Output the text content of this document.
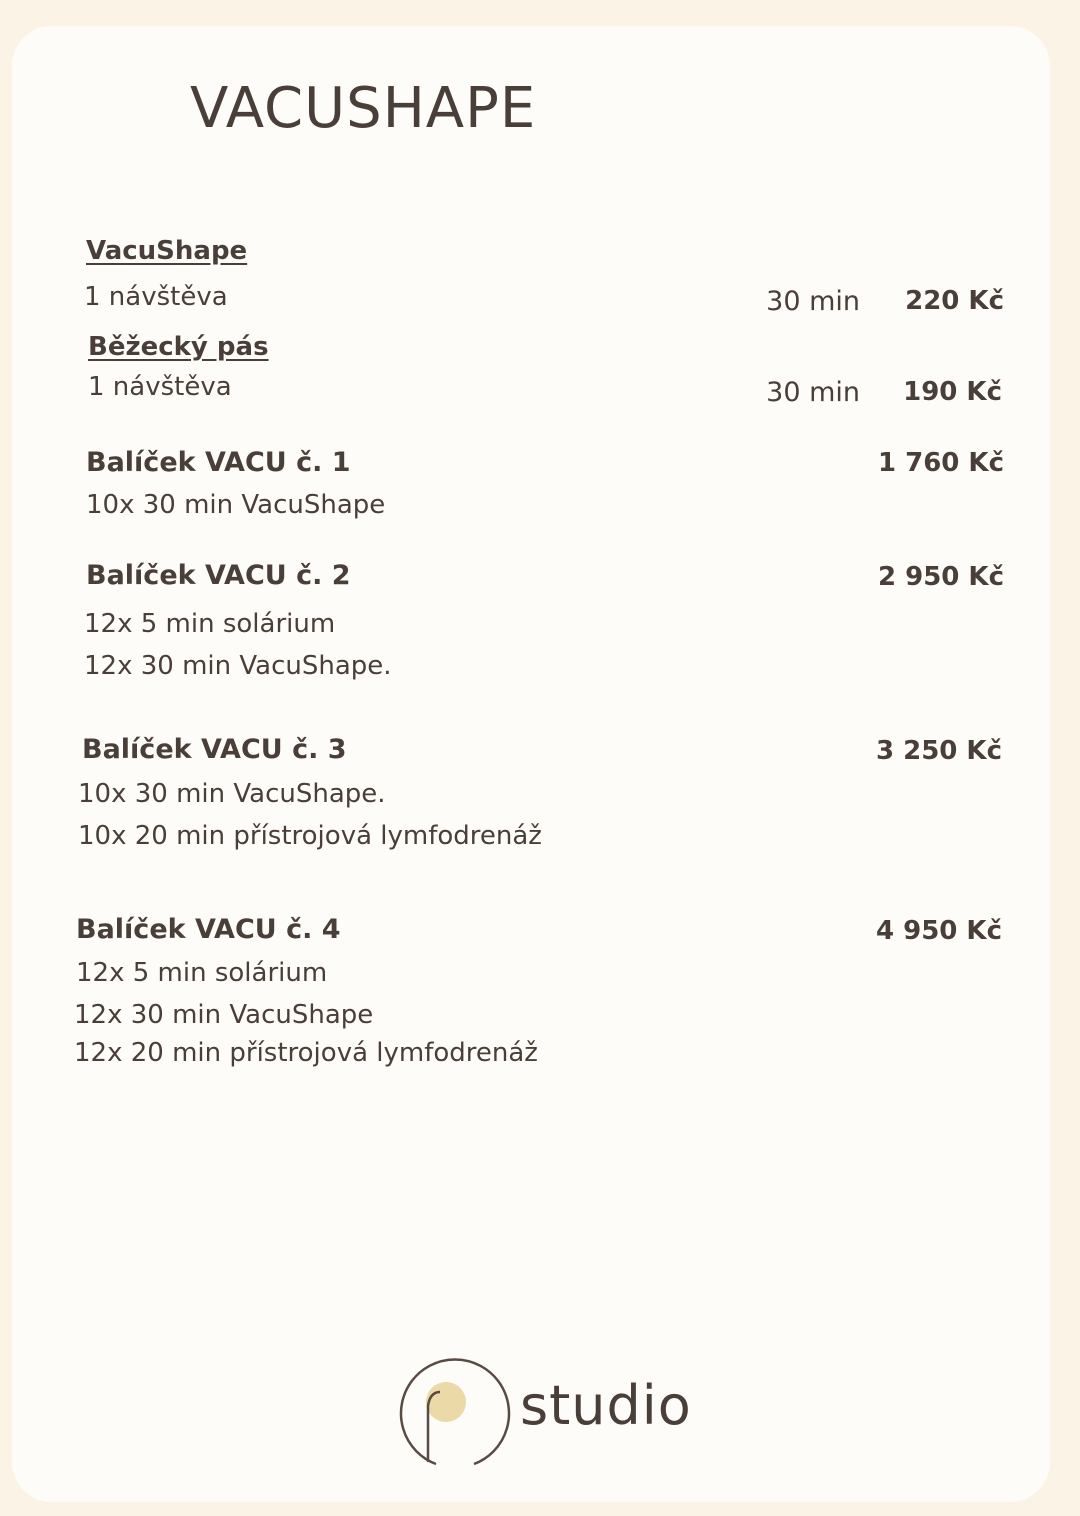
VACUSHAPE
VacuShape
1 návštěva	30 min	220 Kč
Běžecký pás
1 návštěva	30 min	190 Kč
Balíček VACU č. 1	1 760 Kč
10x 30 min VacuShape
Balíček VACU č. 2	2 950 Kč
12x 5 min solárium
12x 30 min VacuShape.
Balíček VACU č. 3	3 250 Kč
10x 30 min VacuShape.
10x 20 min přístrojová lymfodrenáž
Balíček VACU č. 4	4 950 Kč
12x 5 min solárium
12x 30 min VacuShape
12x 20 min přístrojová lymfodrenáž
studio
